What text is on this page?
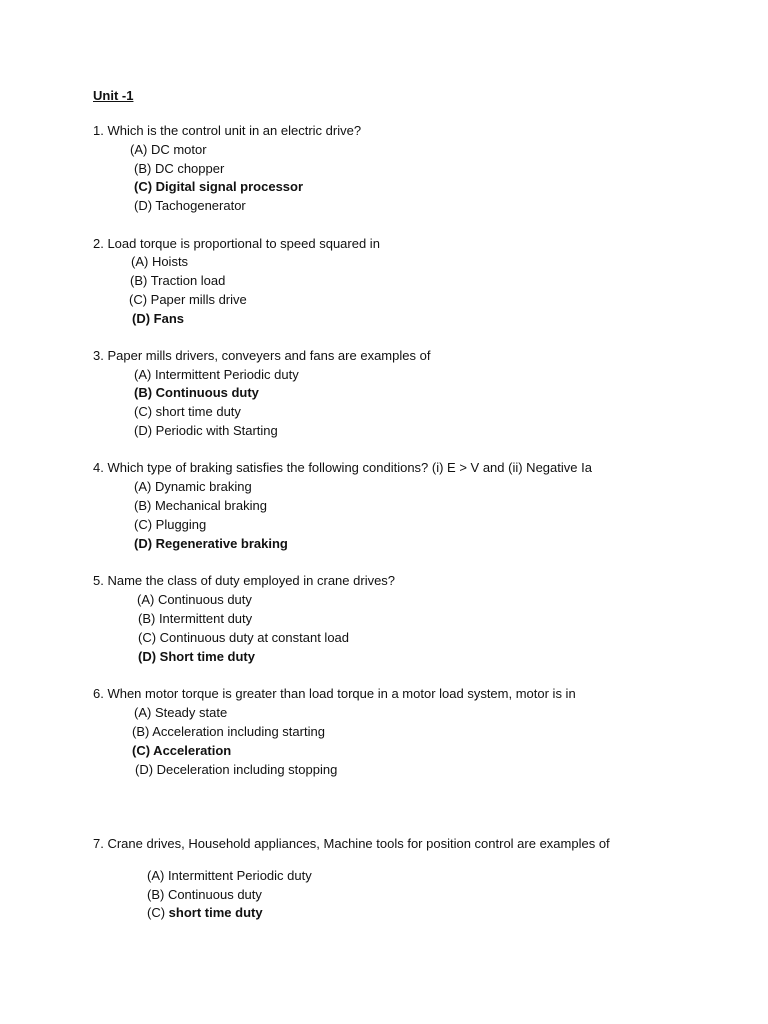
Unit -1
1. Which is the control unit in an electric drive?
(A) DC motor
(B) DC chopper
(C) Digital signal processor
(D) Tachogenerator
2. Load torque is proportional to speed squared in
(A) Hoists
(B) Traction load
(C) Paper mills drive
(D) Fans
3. Paper mills drivers, conveyers and fans are examples of
(A) Intermittent Periodic duty
(B) Continuous duty
(C) short time duty
(D) Periodic with Starting
4. Which type of braking satisfies the following conditions? (i) E > V and (ii) Negative Ia
(A) Dynamic braking
(B) Mechanical braking
(C) Plugging
(D) Regenerative braking
5. Name the class of duty employed in crane drives?
(A) Continuous duty
(B) Intermittent duty
(C) Continuous duty at constant load
(D) Short time duty
6. When motor torque is greater than load torque in a motor load system, motor is in
(A) Steady state
(B) Acceleration including starting
(C) Acceleration
(D) Deceleration including stopping
7. Crane drives, Household appliances, Machine tools for position control are examples of
(A) Intermittent Periodic duty
(B) Continuous duty
(C) short time duty
